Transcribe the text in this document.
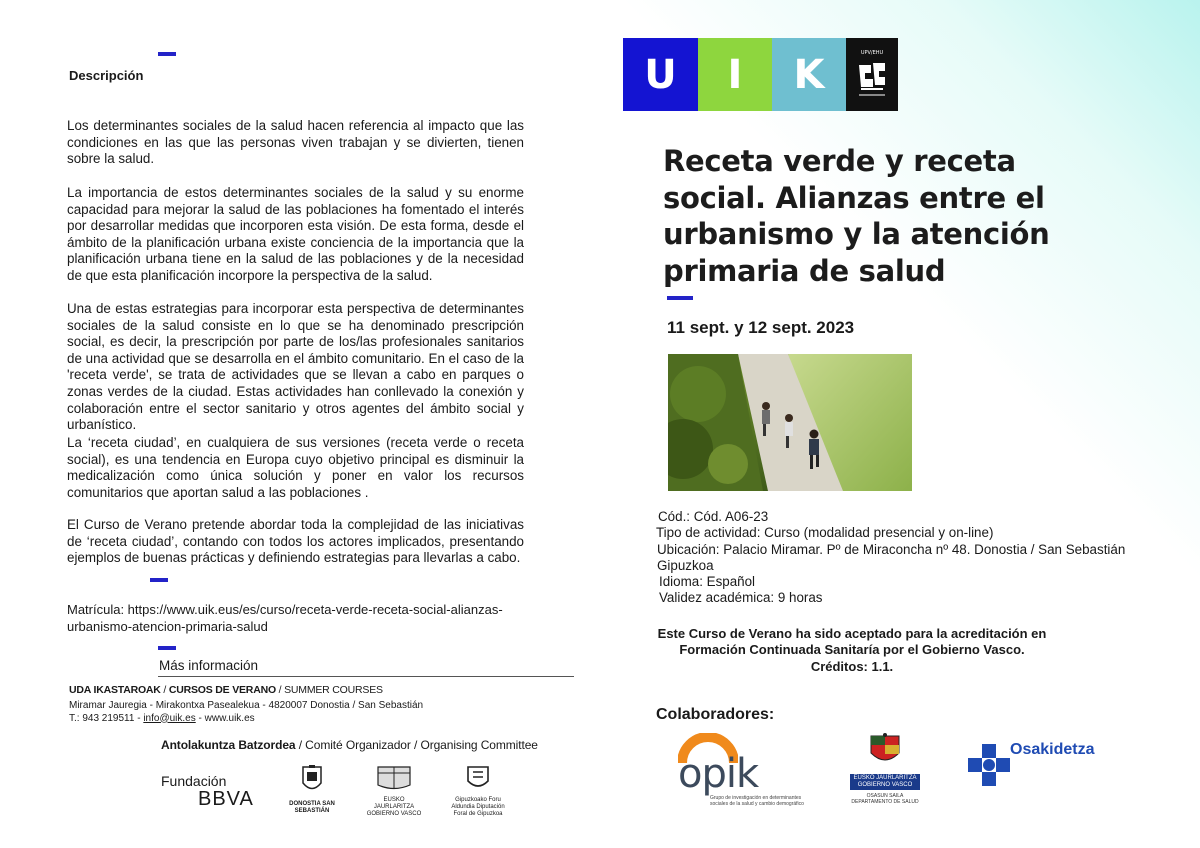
Descripción

Los determinantes sociales de la salud hacen referencia al impacto que las condiciones en las que las personas viven trabajan y se divierten, tienen sobre la salud.

La importancia de estos determinantes sociales de la salud y su enorme capacidad para mejorar la salud de las poblaciones ha fomentado el interés por desarrollar medidas que incorporen esta visión. De esta forma, desde el ámbito de la planificación urbana existe conciencia de la importancia que la planificación urbana tiene en la salud de las poblaciones y de la necesidad de que esta planificación incorpore la perspectiva de la salud.

Una de estas estrategias para incorporar esta perspectiva de determinantes sociales de la salud consiste en lo que se ha denominado prescripción social, es decir, la prescripción por parte de los/las profesionales sanitarios de una actividad que se desarrolla en el ámbito comunitario. En el caso de la 'receta verde', se trata de actividades que se llevan a cabo en parques o zonas verdes de la ciudad. Estas actividades han conllevado la conexión y colaboración entre el sector sanitario y otros agentes del ámbito social y urbanístico.

La ‘receta ciudad’, en cualquiera de sus versiones (receta verde o receta social), es una tendencia en Europa cuyo objetivo principal es disminuir la medicalización como única solución y poner en valor los recursos comunitarios que aportan salud a las poblaciones .

El Curso de Verano pretende abordar toda la complejidad de las iniciativas de ‘receta ciudad’, contando con todos los actores implicados, presentando ejemplos de buenas prácticas y definiendo estrategias para llevarlas a cabo.

Matrícula: https://www.uik.eus/es/curso/receta-verde-receta-social-alianzas-urbanismo-atencion-primaria-salud
Más información
UDA IKASTAROAK / CURSOS DE VERANO / SUMMER COURSES
Miramar Jauregia - Mirakontxa Pasealekua - 4820007 Donostia / San Sebastián
T.: 943 219511 - info@uik.es - www.uik.es
Antolakuntza Batzordea / Comité Organizador / Organising Committee
Fundación
BBVA	DONOSTIA SAN SEBASTIÁN
EUSKO JAURLARITZA GOBIERNO VASCO
Gipuzkoako Foru Aldundia Diputación Foral de Gipuzkoa
U	I	K	UPV/EHU
Receta verde y receta social. Alianzas entre el urbanismo y la atención primaria de salud
11 sept. y 12 sept. 2023
Cód.: Cód. A06-23
Tipo de actividad: Curso (modalidad presencial y on-line)
Ubicación: Palacio Miramar. Pº de Miraconcha nº 48. Donostia / San Sebastián
Gipuzkoa
Idioma: Español
Validez académica: 9 horas
Este Curso de Verano ha sido aceptado para la acreditación en
Formación Continuada Sanitaría por el Gobierno Vasco.
Créditos: 1.1.
Colaboradores:
opik
Grupo de investigación en determinantes sociales de la salud y cambio demográfico
EUSKO JAURLARITZA GOBIERNO VASCO
OSASUN SAILA DEPARTAMENTO DE SALUD
Osakidetza
